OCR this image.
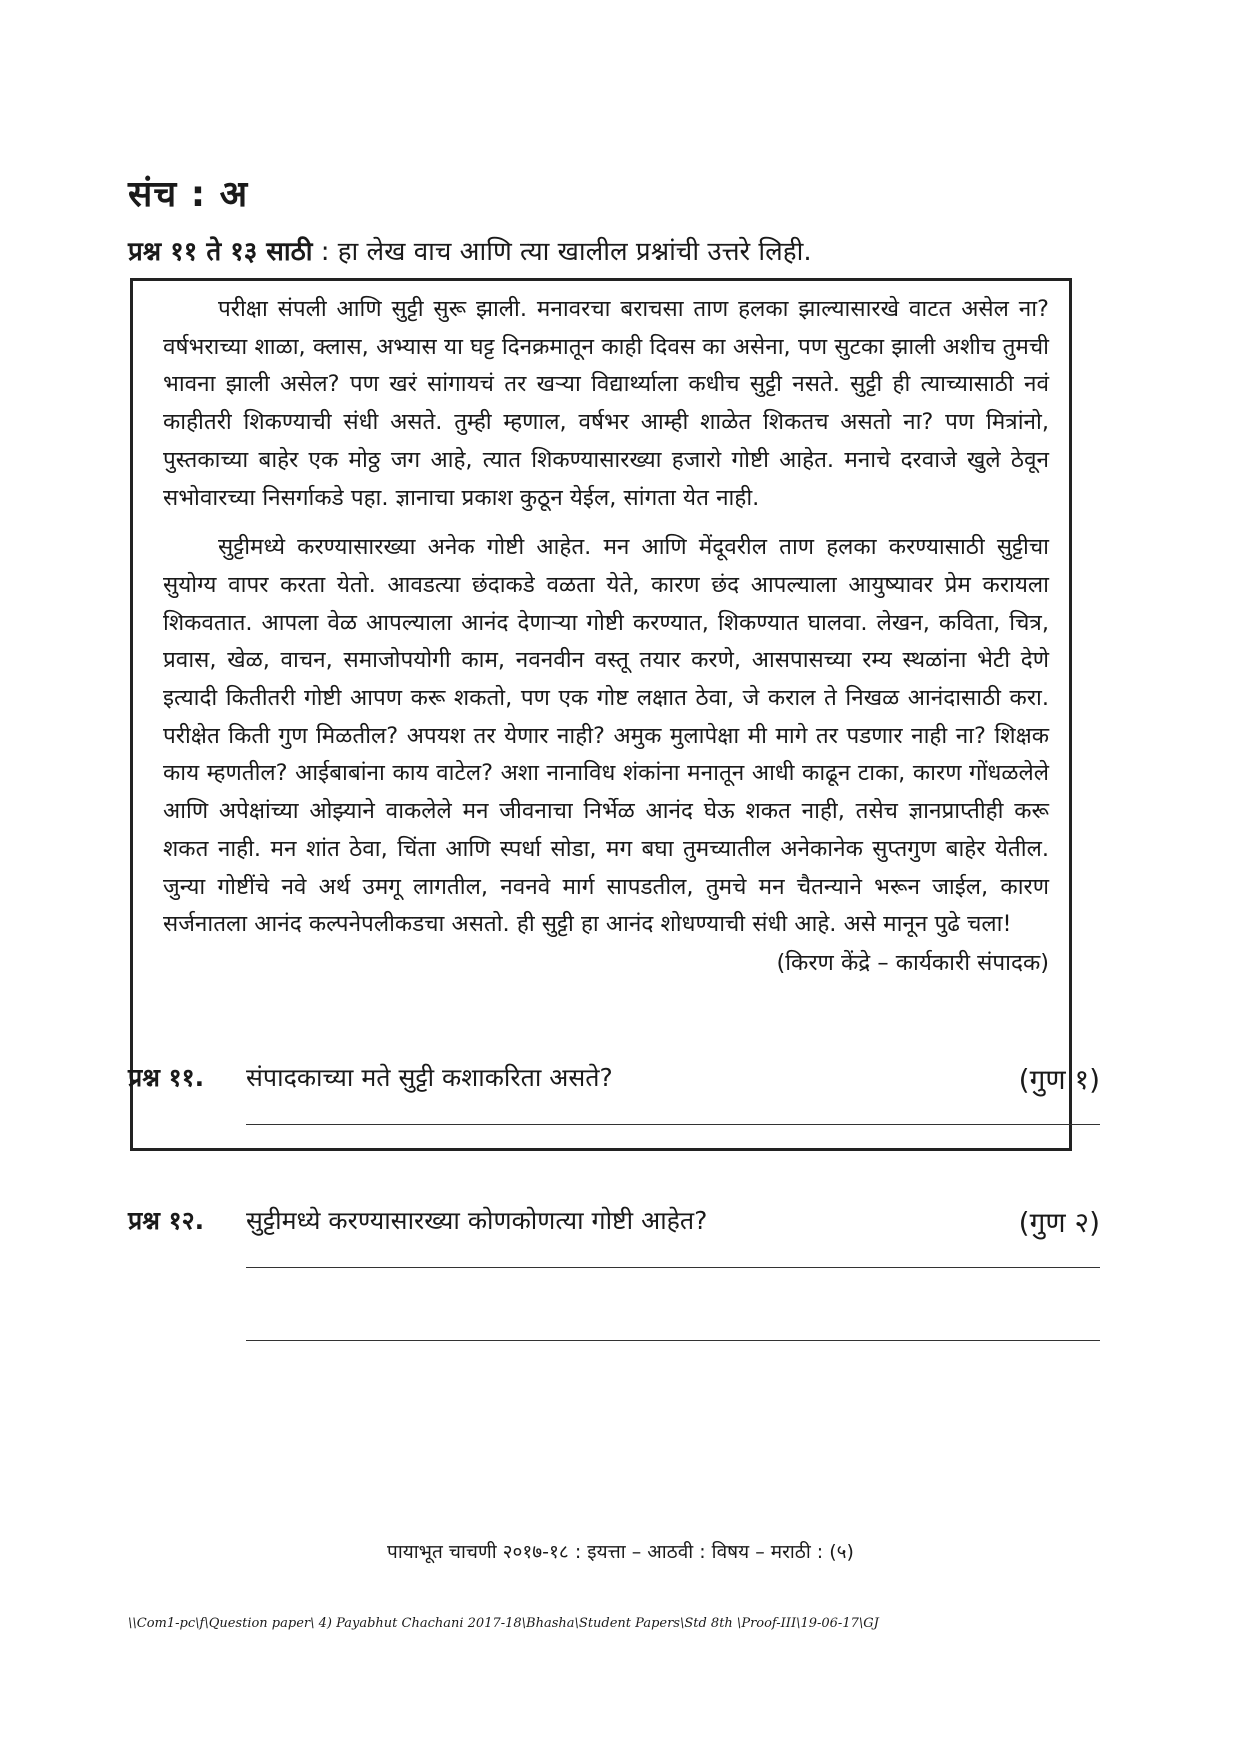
संच : अ
प्रश्न ११ ते १३ साठी : हा लेख वाच आणि त्या खालील प्रश्नांची उत्तरे लिही.

परीक्षा संपली आणि सुट्टी सुरू झाली. मनावरचा बराचसा ताण हलका झाल्यासारखे वाटत असेल ना? वर्षभराच्या शाळा, क्लास, अभ्यास या घट्ट दिनक्रमातून काही दिवस का असेना, पण सुटका झाली अशीच तुमची भावना झाली असेल? पण खरं सांगायचं तर खऱ्या विद्यार्थ्याला कधीच सुट्टी नसते. सुट्टी ही त्याच्यासाठी नवं काहीतरी शिकण्याची संधी असते. तुम्ही म्हणाल, वर्षभर आम्ही शाळेत शिकतच असतो ना? पण मित्रांनो, पुस्तकाच्या बाहेर एक मोठ्ठ जग आहे, त्यात शिकण्यासारख्या हजारो गोष्टी आहेत. मनाचे दरवाजे खुले ठेवून सभोवारच्या निसर्गाकडे पहा. ज्ञानाचा प्रकाश कुठून येईल, सांगता येत नाही.

सुट्टीमध्ये करण्यासारख्या अनेक गोष्टी आहेत. मन आणि मेंदूवरील ताण हलका करण्यासाठी सुट्टीचा सुयोग्य वापर करता येतो. आवडत्या छंदाकडे वळता येते, कारण छंद आपल्याला आयुष्यावर प्रेम करायला शिकवतात. आपला वेळ आपल्याला आनंद देणाऱ्या गोष्टी करण्यात, शिकण्यात घालवा. लेखन, कविता, चित्र, प्रवास, खेळ, वाचन, समाजोपयोगी काम, नवनवीन वस्तू तयार करणे, आसपासच्या रम्य स्थळांना भेटी देणे इत्यादी कितीतरी गोष्टी आपण करू शकतो, पण एक गोष्ट लक्षात ठेवा, जे कराल ते निखळ आनंदासाठी करा. परीक्षेत किती गुण मिळतील? अपयश तर येणार नाही? अमुक मुलापेक्षा मी मागे तर पडणार नाही ना? शिक्षक काय म्हणतील? आईबाबांना काय वाटेल? अशा नानाविध शंकांना मनातून आधी काढून टाका, कारण गोंधळलेले आणि अपेक्षांच्या ओझ्याने वाकलेले मन जीवनाचा निर्भेळ आनंद घेऊ शकत नाही, तसेच ज्ञानप्राप्तीही करू शकत नाही. मन शांत ठेवा, चिंता आणि स्पर्धा सोडा, मग बघा तुमच्यातील अनेकानेक सुप्तगुण बाहेर येतील. जुन्या गोष्टींचे नवे अर्थ उमगू लागतील, नवनवे मार्ग सापडतील, तुमचे मन चैतन्याने भरून जाईल, कारण सर्जनातला आनंद कल्पनेपलीकडचा असतो. ही सुट्टी हा आनंद शोधण्याची संधी आहे. असे मानून पुढे चला!

(किरण केंद्रे – कार्यकारी संपादक)
प्रश्न ११. संपादकाच्या मते सुट्टी कशाकरिता असते?	(गुण १)
प्रश्न १२. सुट्टीमध्ये करण्यासारख्या कोणकोणत्या गोष्टी आहेत?	(गुण २)
पायाभूत चाचणी २०१७-१८ : इयत्ता – आठवी : विषय – मराठी : (५)
\\Com1-pc\f\Question paper\ 4) Payabhut Chachani 2017-18\Bhasha\Student Papers\Std 8th \Proof-III\19-06-17\GJ
